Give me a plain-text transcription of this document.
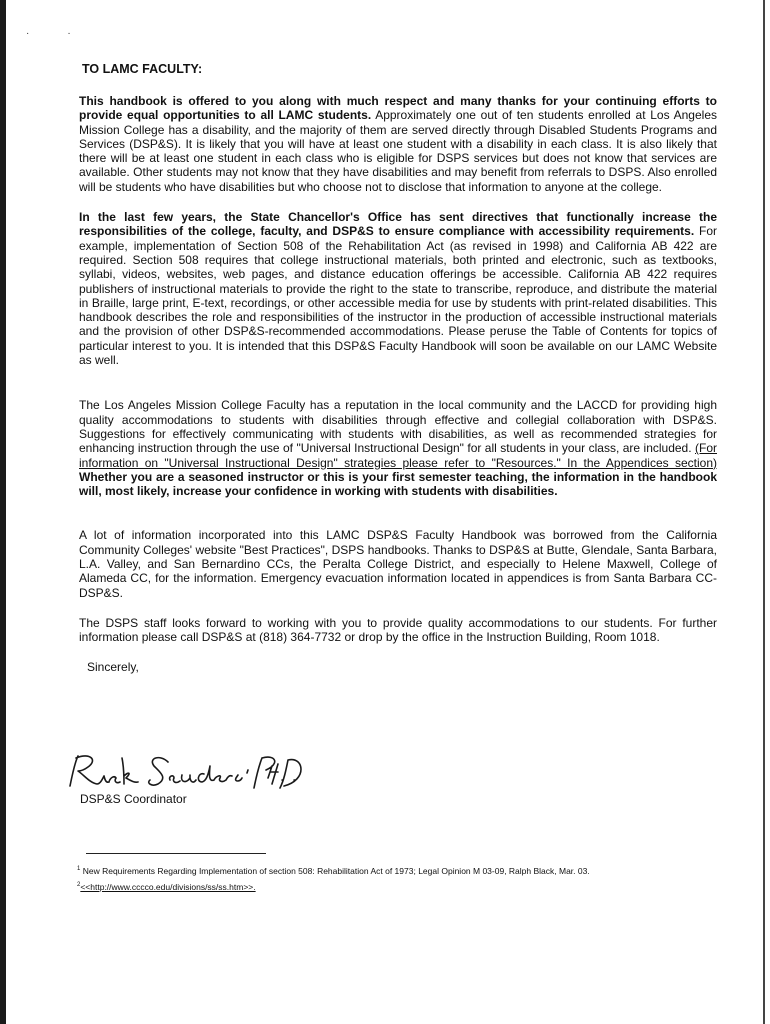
··
TO LAMC FACULTY:

This handbook is offered to you along with much respect and many thanks for your continuing efforts to provide equal opportunities to all LAMC students. Approximately one out of ten students enrolled at Los Angeles Mission College has a disability, and the majority of them are served directly through Disabled Students Programs and Services (DSP&S). It is likely that you will have at least one student with a disability in each class. It is also likely that there will be at least one student in each class who is eligible for DSPS services but does not know that services are available. Other students may not know that they have disabilities and may benefit from referrals to DSPS. Also enrolled will be students who have disabilities but who choose not to disclose that information to anyone at the college.

In the last few years, the State Chancellor's Office has sent directives that functionally increase the responsibilities of the college, faculty, and DSP&S to ensure compliance with accessibility requirements. For example, implementation of Section 508 of the Rehabilitation Act (as revised in 1998) and California AB 422 are required. Section 508 requires that college instructional materials, both printed and electronic, such as textbooks, syllabi, videos, websites, web pages, and distance education offerings be accessible. California AB 422 requires publishers of instructional materials to provide the right to the state to transcribe, reproduce, and distribute the material in Braille, large print, E-text, recordings, or other accessible media for use by students with print-related disabilities. This handbook describes the role and responsibilities of the instructor in the production of accessible instructional materials and the provision of other DSP&S-recommended accommodations. Please peruse the Table of Contents for topics of particular interest to you. It is intended that this DSP&S Faculty Handbook will soon be available on our LAMC Website as well.

The Los Angeles Mission College Faculty has a reputation in the local community and the LACCD for providing high quality accommodations to students with disabilities through effective and collegial collaboration with DSP&S. Suggestions for effectively communicating with students with disabilities, as well as recommended strategies for enhancing instruction through the use of "Universal Instructional Design" for all students in your class, are included. (For information on "Universal Instructional Design" strategies please refer to "Resources." In the Appendices section) Whether you are a seasoned instructor or this is your first semester teaching, the information in the handbook will, most likely, increase your confidence in working with students with disabilities.

A lot of information incorporated into this LAMC DSP&S Faculty Handbook was borrowed from the California Community Colleges' website "Best Practices", DSPS handbooks. Thanks to DSP&S at Butte, Glendale, Santa Barbara, L.A. Valley, and San Bernardino CCs, the Peralta College District, and especially to Helene Maxwell, College of Alameda CC, for the information. Emergency evacuation information located in appendices is from Santa Barbara CC-DSP&S.

The DSPS staff looks forward to working with you to provide quality accommodations to our students. For further information please call DSP&S at (818) 364-7732 or drop by the office in the Instruction Building, Room 1018.

Sincerely,
DSP&S Coordinator
$^1$ New Requirements Regarding Implementation of section 508: Rehabilitation Act of 1973; Legal Opinion M 03-09, Ralph Black, Mar. 03.
$^2$<<http://www.cccco.edu/divisions/ss/ss.htm>>.
